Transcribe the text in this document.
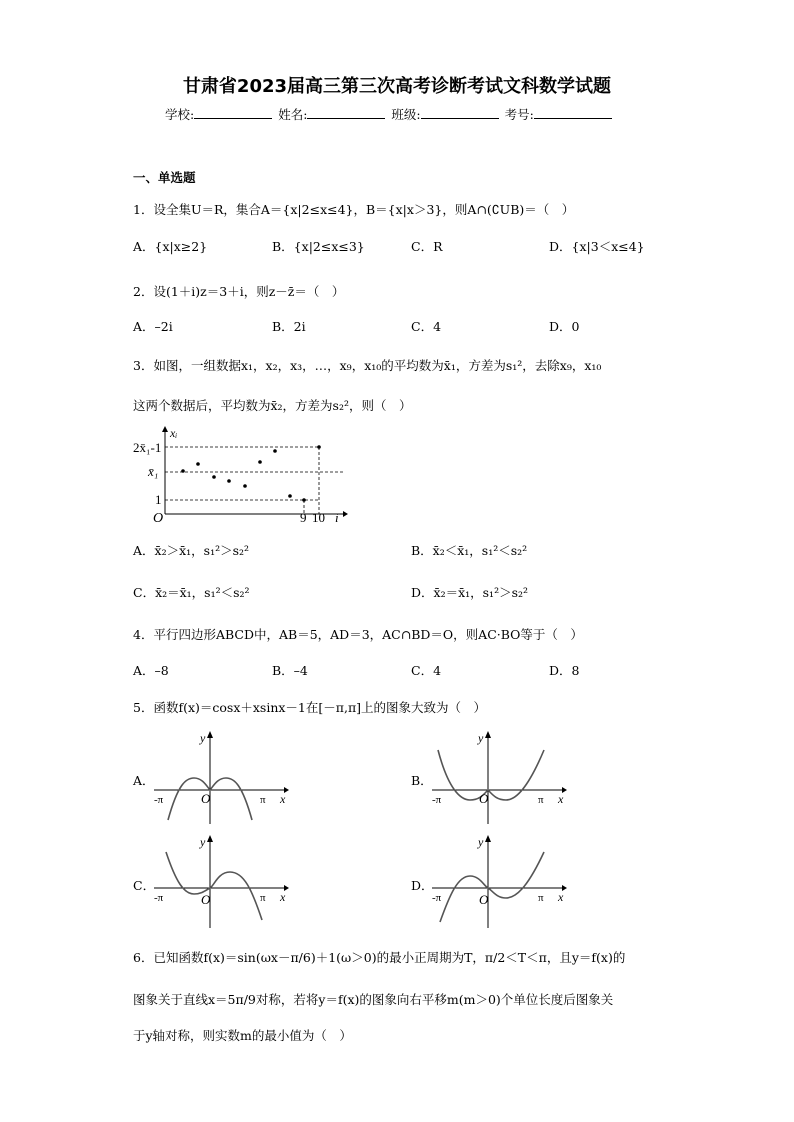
甘肃省2023届高三第三次高考诊断考试文科数学试题
学校:	姓名:	班级:	考号:
一、单选题
1．设全集U＝R，集合A＝{x|2≤x≤4}，B＝{x|x＞3}，则A∩(∁UB)＝（　）
A．{x|x≥2}	B．{x|2≤x≤3}	C．R	D．{x|3＜x≤4}
2．设(1＋i)z＝3＋i，则z－z̄＝（　）
A．–2i	B．2i	C．4	D．0
3．如图，一组数据x₁，x₂，x₃，…，x₉，x₁₀的平均数为x̄₁，方差为s₁²，去除x₉，x₁₀
这两个数据后，平均数为x̄₂，方差为s₂²，则（　）
2x̄₁-1
x̄₁
1
O	9 10 i
xᵢ
A．x̄₂＞x̄₁，s₁²＞s₂²	B．x̄₂＜x̄₁，s₁²＜s₂²
C．x̄₂＝x̄₁，s₁²＜s₂²	D．x̄₂＝x̄₁，s₁²＞s₂²
4．平行四边形ABCD中，AB＝5，AD＝3，AC∩BD＝O，则AC·BO等于（　）
A．–8	B．–4	C．4	D．8
5．函数f(x)＝cosx＋xsinx－1在[－π,π]上的图象大致为（　）
A．	B．
C．	D．
y
x
O
-π	π
y
x
O
-π	π
y
x
O
-π	π
y
x
O
-π	π
6．已知函数f(x)＝sin(ωx－π/6)＋1(ω＞0)的最小正周期为T，π/2＜T＜π，且y＝f(x)的
图象关于直线x＝5π/9对称，若将y＝f(x)的图象向右平移m(m＞0)个单位长度后图象关
于y轴对称，则实数m的最小值为（　）
